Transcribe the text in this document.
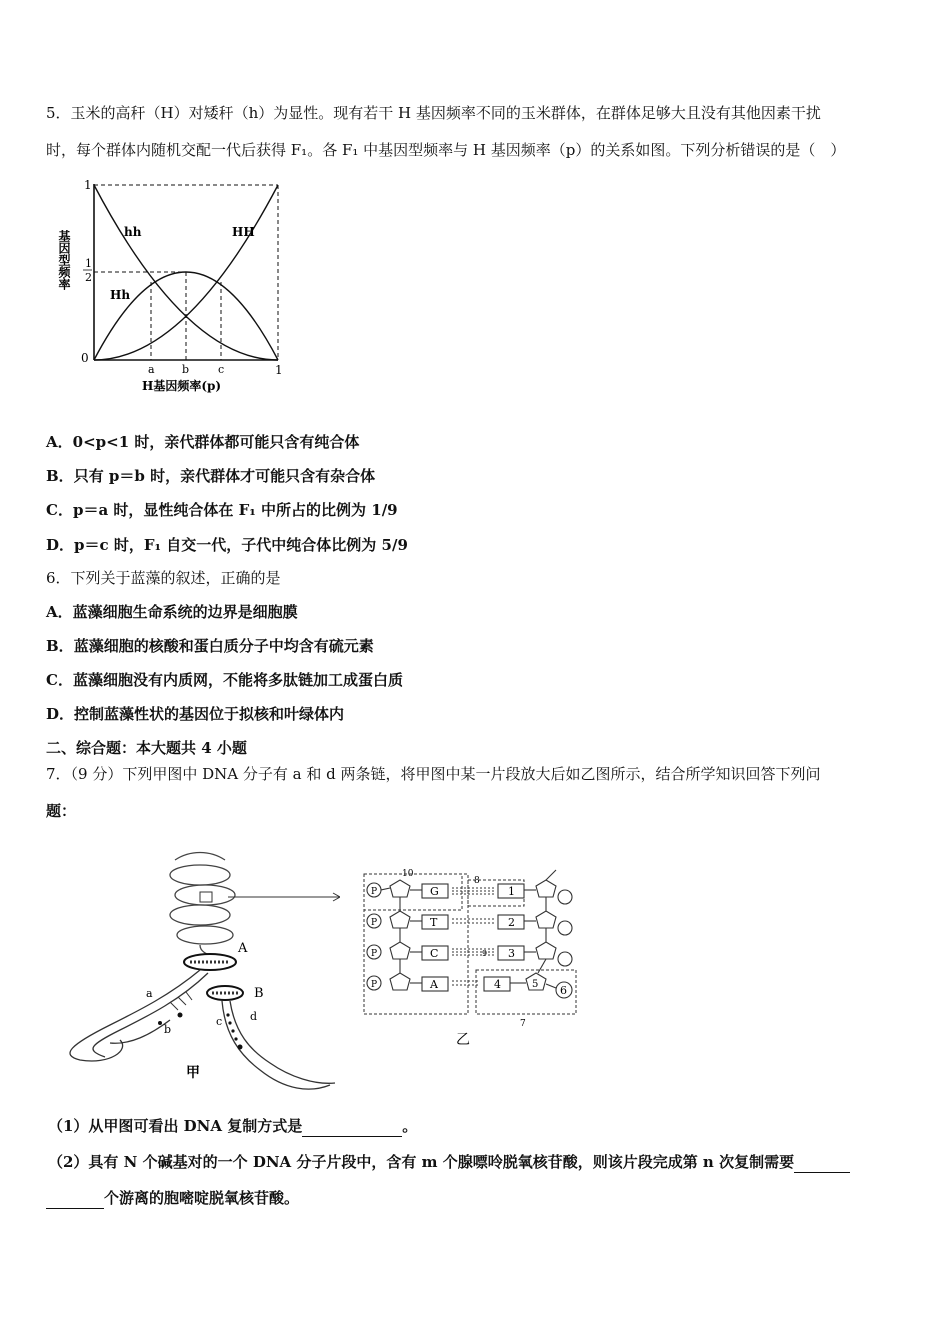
5．玉米的高秆（H）对矮秆（h）为显性。现有若干 H 基因频率不同的玉米群体，在群体足够大且没有其他因素干扰
时，每个群体内随机交配一代后获得 F₁。各 F₁ 中基因型频率与 H 基因频率（p）的关系如图。下列分析错误的是（　）
基因型频率
1
1
2
0
a b	c	1
H基因频率(p)
hh	HH
Hh
A．0<p<1 时，亲代群体都可能只含有纯合体
B．只有 p＝b 时，亲代群体才可能只含有杂合体
C．p＝a 时，显性纯合体在 F₁ 中所占的比例为 1/9
D．p＝c 时，F₁ 自交一代，子代中纯合体比例为 5/9
6．下列关于蓝藻的叙述，正确的是
A．蓝藻细胞生命系统的边界是细胞膜
B．蓝藻细胞的核酸和蛋白质分子中均含有硫元素
C．蓝藻细胞没有内质网，不能将多肽链加工成蛋白质
D．控制蓝藻性状的基因位于拟核和叶绿体内
二、综合题：本大题共 4 小题
7．（9 分）下列甲图中 DNA 分子有 a 和 d 两条链，将甲图中某一片段放大后如乙图所示，结合所学知识回答下列问
题：
A
B
a
b
c	d
甲
10
8
7
P
P
P
P
G
T
C
A
1
2
3
4	5 6
9
乙
（1）从甲图可看出 DNA 复制方式是	。
（2）具有 N 个碱基对的一个 DNA 分子片段中，含有 m 个腺嘌呤脱氧核苷酸，则该片段完成第 n 次复制需要
个游离的胞嘧啶脱氧核苷酸。
